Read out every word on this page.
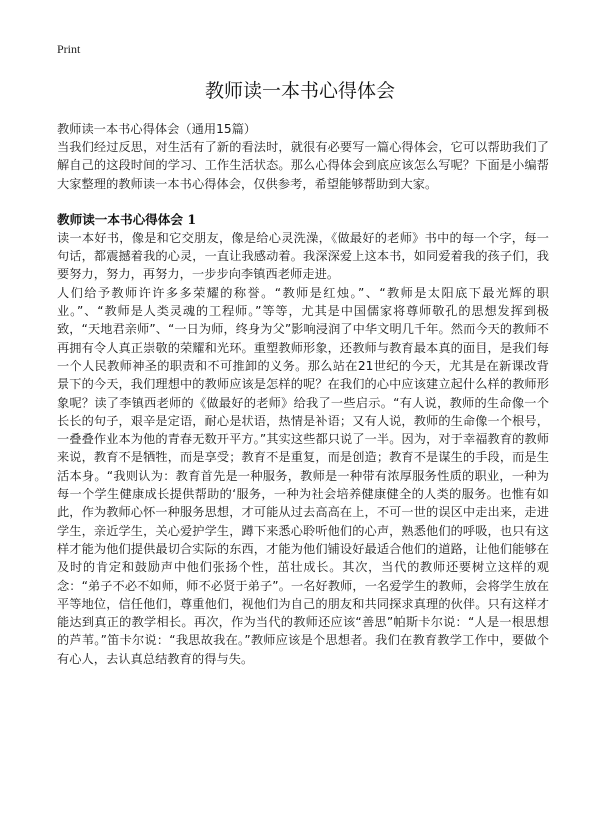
Print
教师读一本书心得体会

教师读一本书心得体会（通用15篇）

当我们经过反思，对生活有了新的看法时，就很有必要写一篇心得体会，它可以帮助我们了解自己的这段时间的学习、工作生活状态。那么心得体会到底应该怎么写呢？下面是小编帮大家整理的教师读一本书心得体会，仅供参考，希望能够帮助到大家。

教师读一本书心得体会 1

读一本好书，像是和它交朋友，像是给心灵洗澡，《做最好的老师》书中的每一个字，每一句话，都震撼着我的心灵，一直让我感动着。我深深爱上这本书，如同爱着我的孩子们，我要努力，努力，再努力，一步步向李镇西老师走进。

人们给予教师许许多多荣耀的称誉。“教师是红烛。”、“教师是太阳底下最光辉的职业。”、“教师是人类灵魂的工程师。”等等，尤其是中国儒家将尊师敬孔的思想发挥到极致，“天地君亲师”、“一日为师，终身为父”影响浸润了中华文明几千年。然而今天的教师不再拥有令人真正崇敬的荣耀和光环。重塑教师形象，还教师与教育最本真的面目，是我们每一个人民教师神圣的职责和不可推卸的义务。那么站在21世纪的今天，尤其是在新课改背景下的今天，我们理想中的教师应该是怎样的呢？在我们的心中应该建立起什么样的教师形象呢？读了李镇西老师的《做最好的老师》给我了一些启示。“有人说，教师的生命像一个长长的句子，艰辛是定语，耐心是状语，热情是补语；又有人说，教师的生命像一个根号，一叠叠作业本为他的青春无数开平方。”其实这些都只说了一半。因为，对于幸福教育的教师来说，教育不是牺牲，而是享受；教育不是重复，而是创造；教育不是谋生的手段，而是生活本身。“我则认为：教育首先是一种服务，教师是一种带有浓厚服务性质的职业，一种为每一个学生健康成长提供帮助的‘服务，一种为社会培养健康健全的人类的服务。也惟有如此，作为教师心怀一种服务思想，才可能从过去高高在上，不可一世的误区中走出来，走进学生，亲近学生，关心爱护学生，蹲下来悉心聆听他们的心声，熟悉他们的呼吸，也只有这样才能为他们提供最切合实际的东西，才能为他们铺设好最适合他们的道路，让他们能够在及时的肯定和鼓励声中他们张扬个性，茁壮成长。其次，当代的教师还要树立这样的观念：“弟子不必不如师，师不必贤于弟子”。一名好教师，一名爱学生的教师，会将学生放在平等地位，信任他们，尊重他们，视他们为自己的朋友和共同探求真理的伙伴。只有这样才能达到真正的教学相长。再次，作为当代的教师还应该“善思”帕斯卡尔说：“人是一根思想的芦苇。”笛卡尔说：“我思故我在。”教师应该是个思想者。我们在教育教学工作中，要做个有心人，去认真总结教育的得与失。
